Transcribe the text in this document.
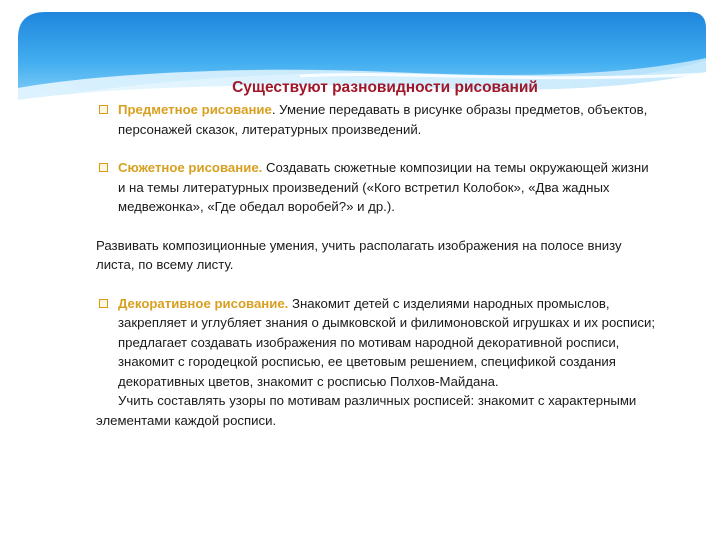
Существуют разновидности рисований
Предметное рисование. Умение передавать в рисунке образы предметов, объектов, персонажей сказок, литературных произведений.
Сюжетное рисование. Создавать сюжетные композиции на темы окружающей жизни и на темы литературных произведений («Кого встретил Колобок», «Два жадных медвежонка», «Где обедал воробей?» и др.).

Развивать композиционные умения, учить располагать изображения на полосе внизу листа, по всему листу.

Декоративное рисование. Знакомит детей с изделиями народных промыслов, закрепляет и углубляет знания о дымковской и филимоновской игрушках и их росписи; предлагает создавать изображения по мотивам народной декоративной росписи, знакомит с городецкой росписью, ее цветовым решением, спецификой создания декоративных цветов, знакомит с росписью Полхов-Майдана.

Учить составлять узоры по мотивам различных росписей: знакомит с характерными элементами каждой росписи.
